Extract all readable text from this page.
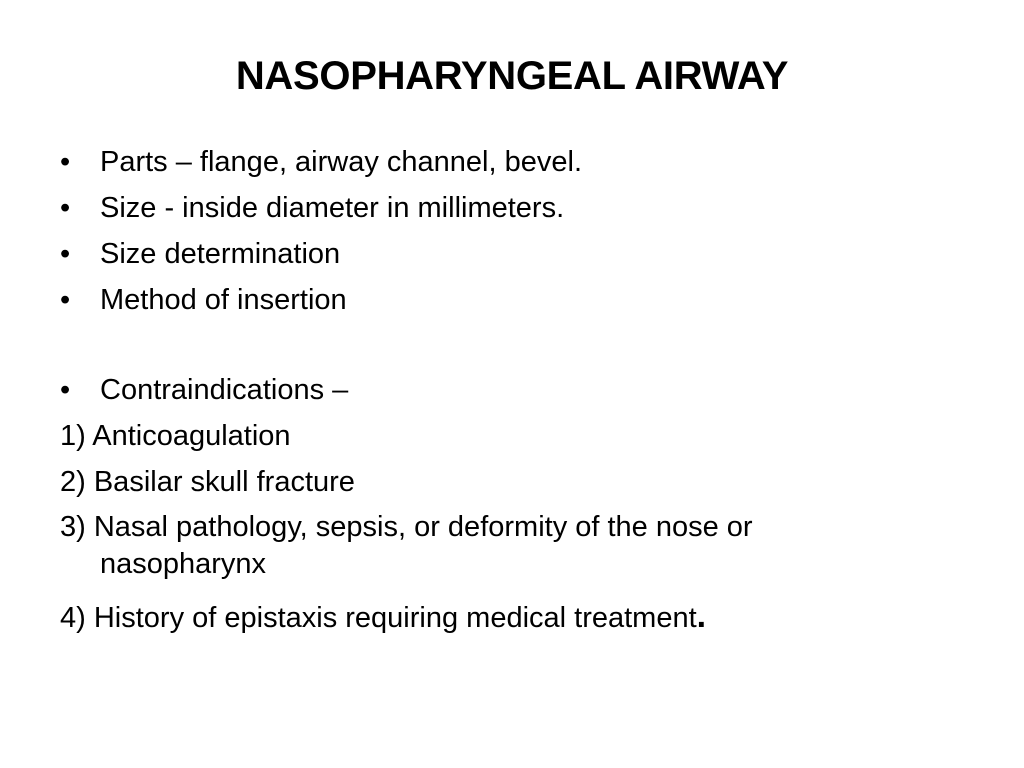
NASOPHARYNGEAL AIRWAY
• Parts – flange, airway channel, bevel.
• Size - inside diameter in millimeters.
• Size determination
• Method of insertion
• Contraindications –
1) Anticoagulation
2) Basilar skull fracture
3) Nasal pathology, sepsis, or deformity of the nose or
nasopharynx
4) History of epistaxis requiring medical treatment.
